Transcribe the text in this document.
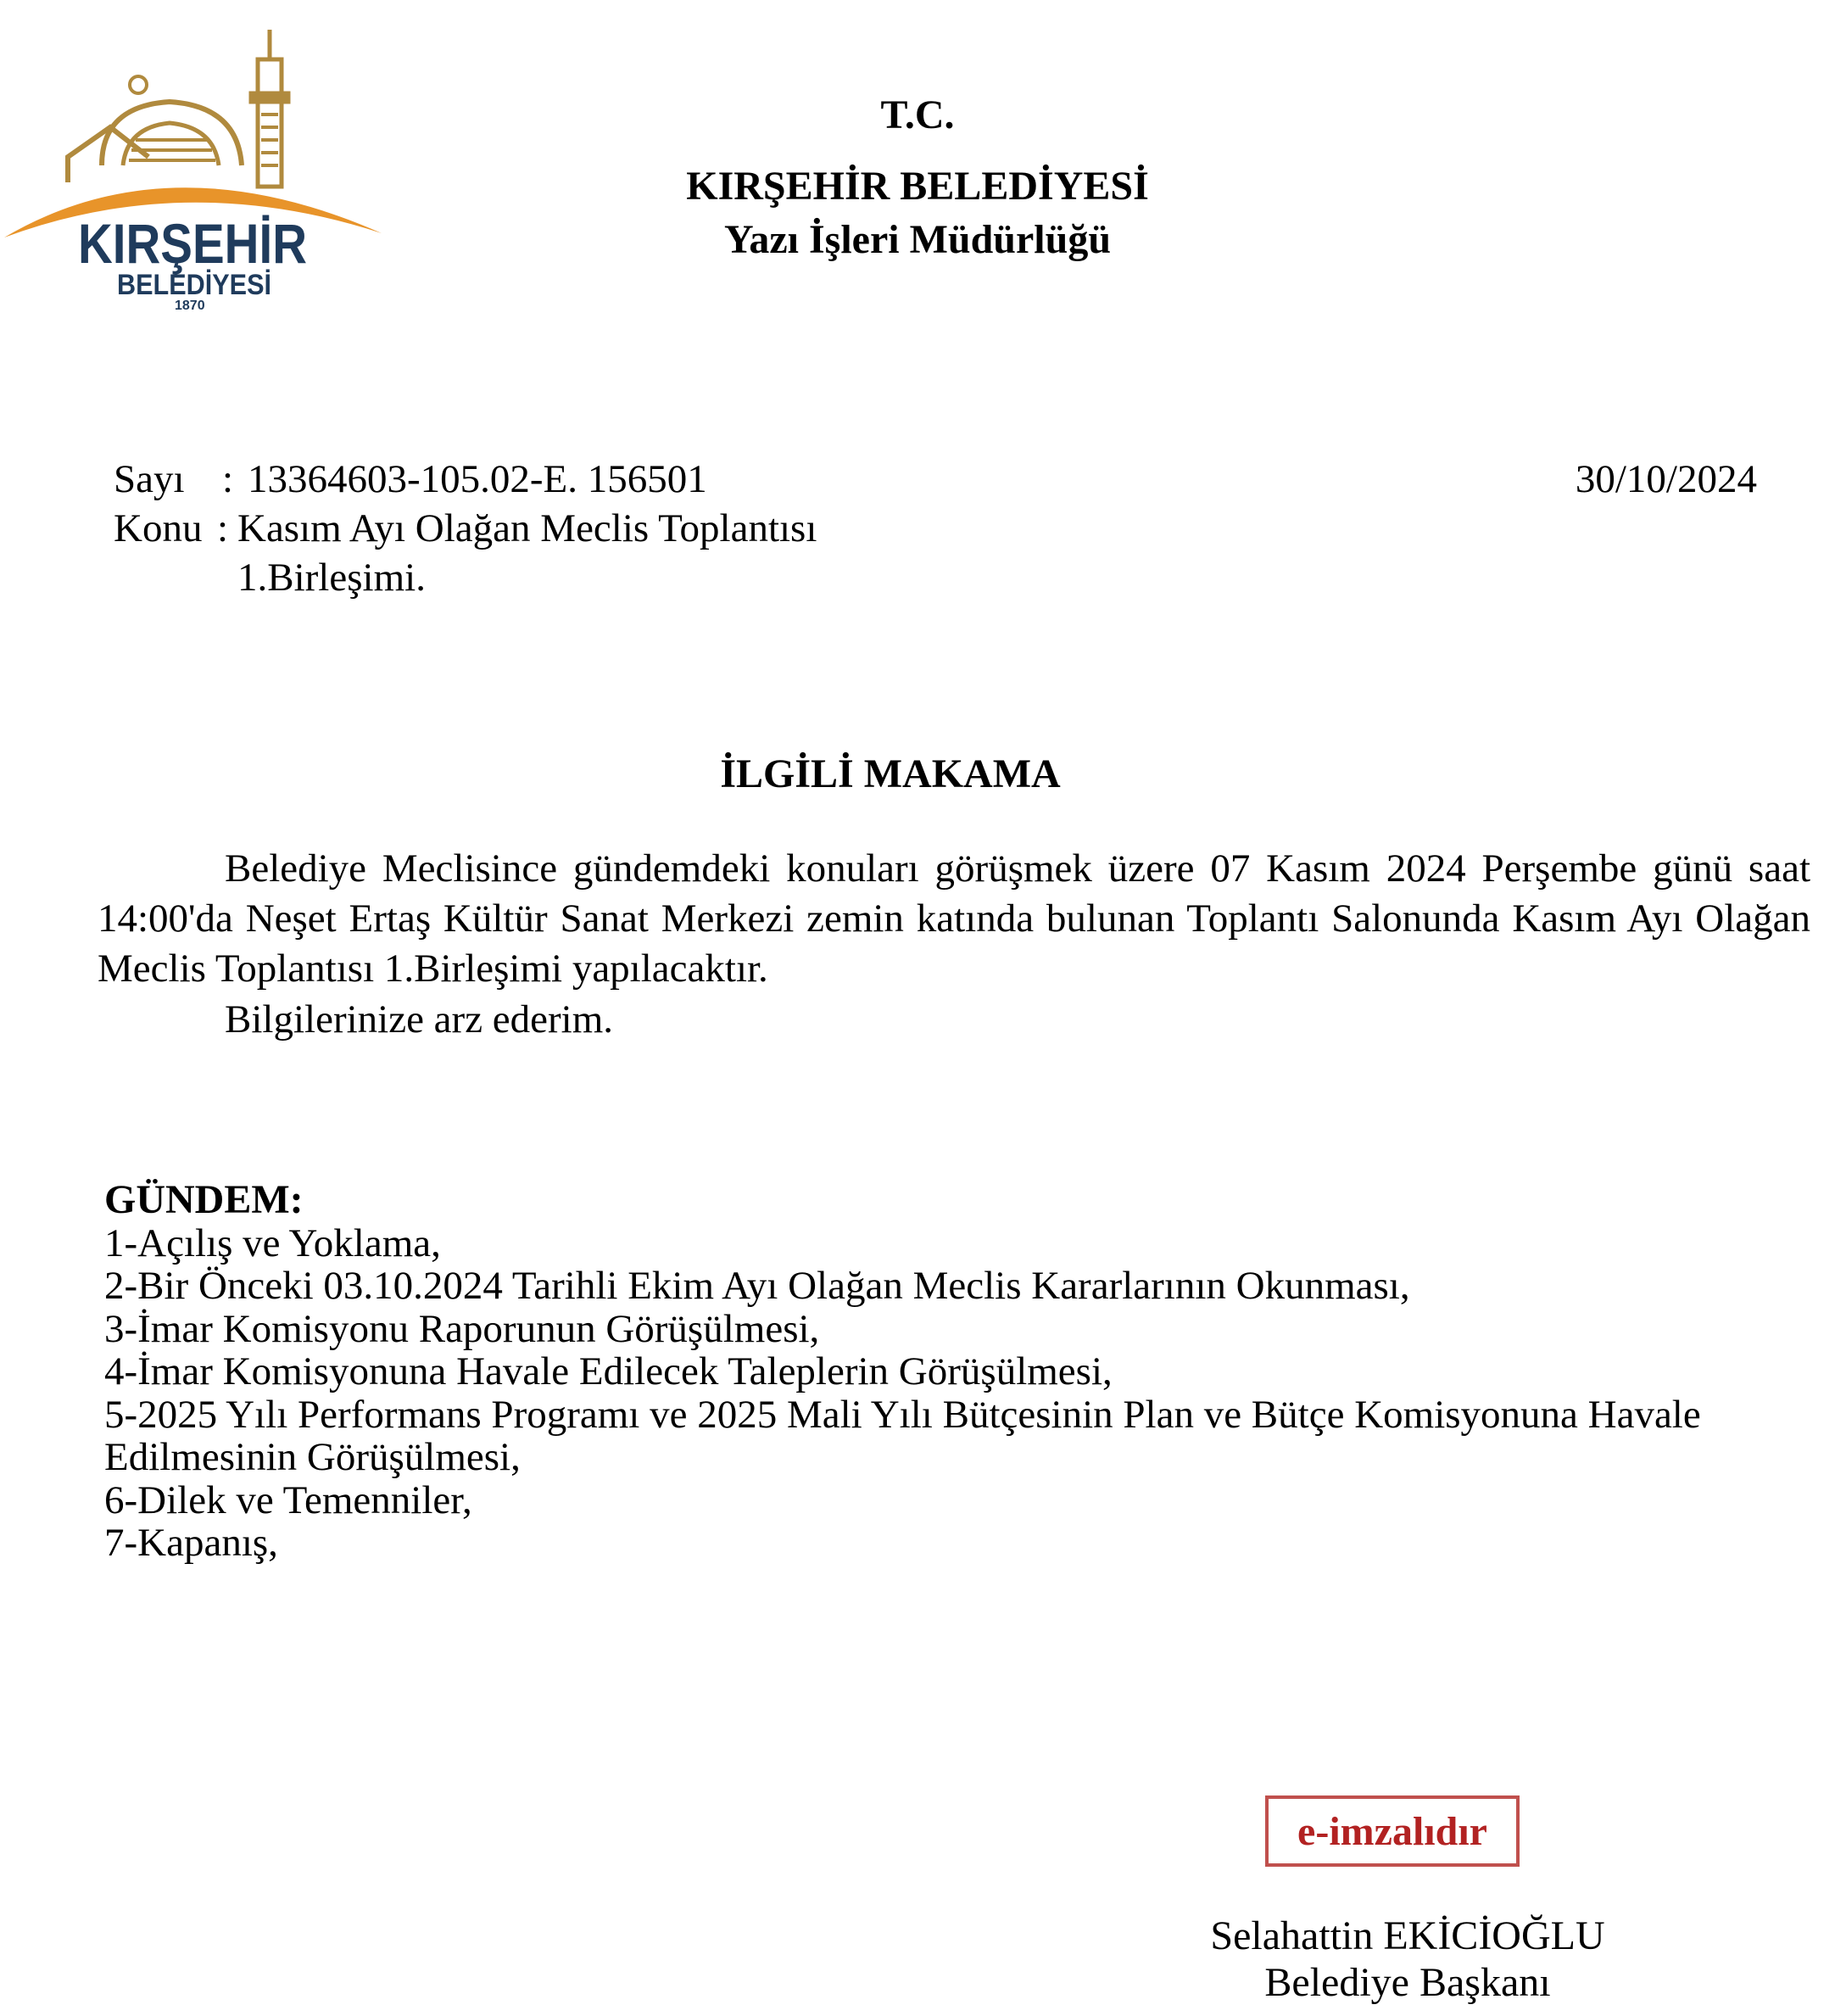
KIRŞEHİR
BELEDİYESİ
1870
T.C.
KIRŞEHİR BELEDİYESİ
Yazı İşleri Müdürlüğü
Sayı : 13364603-105.02-E. 156501	30/10/2024
Konu : Kasım Ayı Olağan Meclis Toplantısı
1.Birleşimi.
İLGİLİ MAKAMA

Belediye Meclisince gündemdeki konuları görüşmek üzere 07 Kasım 2024 Perşembe günü saat 14:00'da Neşet Ertaş Kültür Sanat Merkezi zemin katında bulunan Toplantı Salonunda Kasım Ayı Olağan Meclis Toplantısı 1.Birleşimi yapılacaktır.

Bilgilerinize arz ederim.
GÜNDEM:

1-Açılış ve Yoklama,

2-Bir Önceki 03.10.2024 Tarihli Ekim Ayı Olağan Meclis Kararlarının Okunması,

3-İmar Komisyonu Raporunun Görüşülmesi,

4-İmar Komisyonuna Havale Edilecek Taleplerin Görüşülmesi,

5-2025 Yılı Performans Programı ve 2025 Mali Yılı Bütçesinin Plan ve Bütçe Komisyonuna Havale Edilmesinin Görüşülmesi,

6-Dilek ve Temenniler,

7-Kapanış,

e-imzalıdır
Selahattin EKİCİOĞLU
Belediye Başkanı
